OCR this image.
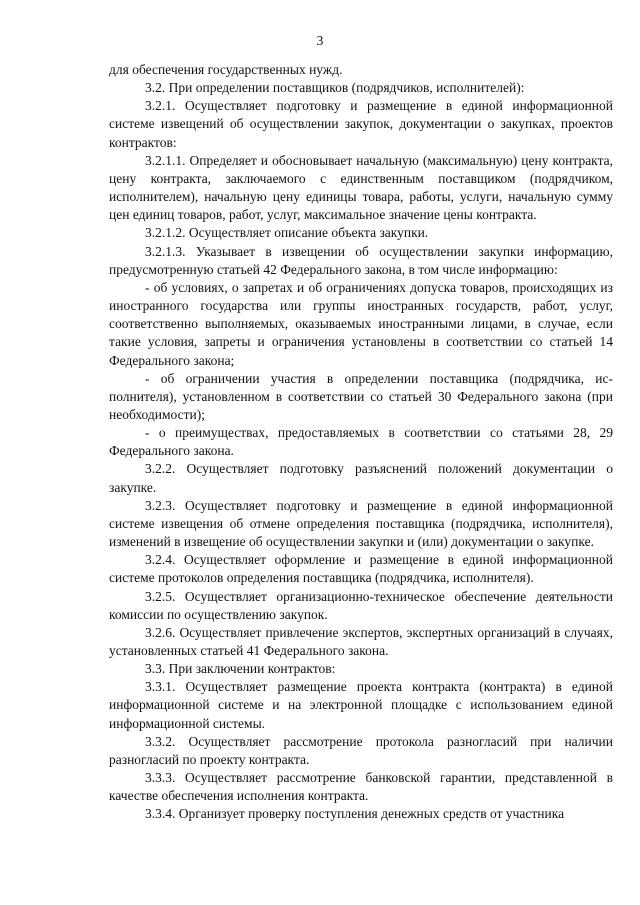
3

для обеспечения государственных нужд.

3.2. При определении поставщиков (подрядчиков, исполнителей):

3.2.1. Осуществляет подготовку и размещение в единой информационной системе извещений об осуществлении закупок, документации о закупках, проектов контрактов:

3.2.1.1. Определяет и обосновывает начальную (максимальную) цену контракта, цену контракта, заключаемого с единственным поставщиком (подрядчиком, исполнителем), начальную цену единицы товара, работы, услуги, начальную сумму цен единиц товаров, работ, услуг, максимальное значение цены контракта.

3.2.1.2. Осуществляет описание объекта закупки.

3.2.1.3. Указывает в извещении об осуществлении закупки информацию, предусмотренную статьей 42 Федерального закона, в том числе информацию:

- об условиях, о запретах и об ограничениях допуска товаров, происходящих из иностранного государства или группы иностранных государств, работ, услуг, соответственно выполняемых, оказываемых иностранными лицами, в случае, если такие условия, запреты и ограничения установлены в соответствии со статьей 14 Федерального закона;

- об ограничении участия в определении поставщика (подрядчика, исполнителя), установленном в соответствии со статьей 30 Федерального закона (при необходимости);

- о преимуществах, предоставляемых в соответствии со статьями 28, 29 Федерального закона.

3.2.2. Осуществляет подготовку разъяснений положений документации о закупке.

3.2.3. Осуществляет подготовку и размещение в единой информационной системе извещения об отмене определения поставщика (подрядчика, исполнителя), изменений в извещение об осуществлении закупки и (или) документации о закупке.

3.2.4. Осуществляет оформление и размещение в единой информационной системе протоколов определения поставщика (подрядчика, исполнителя).

3.2.5. Осуществляет организационно-техническое обеспечение деятельности комиссии по осуществлению закупок.

3.2.6. Осуществляет привлечение экспертов, экспертных организаций в случаях, установленных статьей 41 Федерального закона.

3.3. При заключении контрактов:

3.3.1. Осуществляет размещение проекта контракта (контракта) в единой информационной системе и на электронной площадке с использованием единой информационной системы.

3.3.2. Осуществляет рассмотрение протокола разногласий при наличии разногласий по проекту контракта.

3.3.3. Осуществляет рассмотрение банковской гарантии, представленной в качестве обеспечения исполнения контракта.

3.3.4. Организует проверку поступления денежных средств от участника
